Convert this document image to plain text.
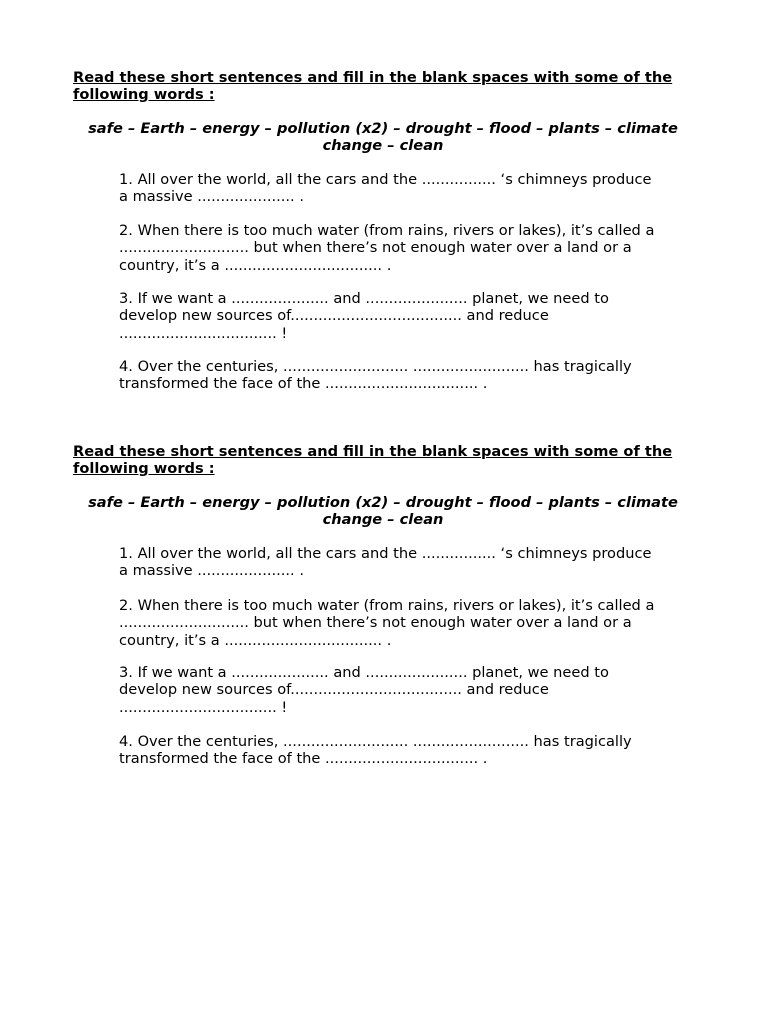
Read these short sentences and fill in the blank spaces with some of the following words :

safe – Earth – energy – pollution (x2) – drought – flood – plants – climate change – clean

1. All over the world, all the cars and the ................ ‘s chimneys produce
a massive ..................... .

2. When there is too much water (from rains, rivers or lakes), it’s called a
............................ but when there’s not enough water over a land or a
country, it’s a .................................. .

3. If we want a ..................... and ...................... planet, we need to
develop new sources of..................................... and reduce
.................................. !

4. Over the centuries, ........................... ......................... has tragically
transformed the face of the ................................. .

Read these short sentences and fill in the blank spaces with some of the following words :

safe – Earth – energy – pollution (x2) – drought – flood – plants – climate change – clean

1. All over the world, all the cars and the ................ ‘s chimneys produce
a massive ..................... .

2. When there is too much water (from rains, rivers or lakes), it’s called a
............................ but when there’s not enough water over a land or a
country, it’s a .................................. .

3. If we want a ..................... and ...................... planet, we need to
develop new sources of..................................... and reduce
.................................. !

4. Over the centuries, ........................... ......................... has tragically
transformed the face of the ................................. .
